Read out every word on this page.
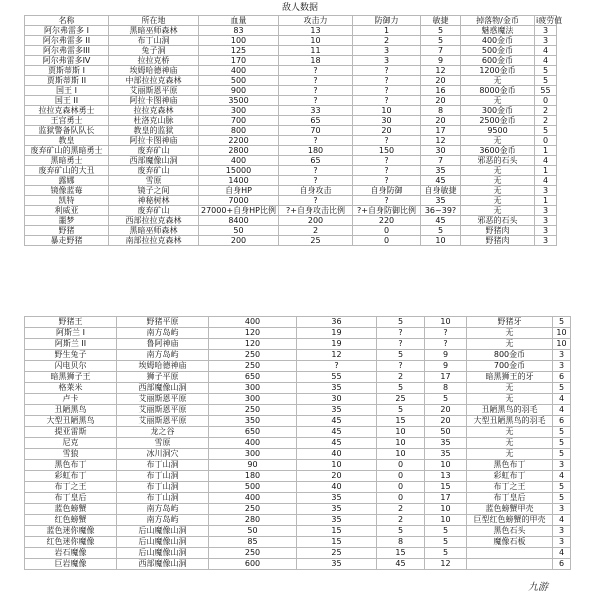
敌人数据
名称	所在地	血量	攻击力	防御力	敏捷	掉落物/金币	i疲劳值
阿尔弗雷多 I	黑暗巫师森林	83	13	1	5	魅惑魔法	3
阿尔弗雷多 II	布丁山洞	100	10	2	5	400金币	3
阿尔弗雷多III	兔子洞	125	11	3	7	500金币	4
阿尔弗雷多IV	拉拉克桥	170	18	3	9	600金币	4
贾斯蒂斯 I	埃姆哈德神庙	400	?	?	12	1200金币	5
贾斯蒂斯 II	中部拉拉克森林	500	?	?	20	无	5
国王 I	艾丽斯恩平原	900	?	?	16	8000金币	55
国王 II	阿拉卡图神庙	3500	?	?	20	无	0
拉拉克森林勇士	拉拉克森林	300	33	10	8	300金币	2
王宫勇士	杜洛克山脉	700	65	30	20	2500金币	2
监狱警备队队长	教皇的监狱	800	70	20	17	9500	5
教皇	阿拉卡图神庙	2200	?	?	12	无	0
废弃矿山的黑暗勇士	废弃矿山	2800	180	150	30	3600金币	1
黑暗勇士	西部魔像山洞	400	65	?	7	邪恶的石头	4
废弃矿山的大丑	废弃矿山	15000	?	?	35	无	1
露娜	雪原	1400	?	?	45	无	4
镜像蓝莓	镜子之间	自身HP	自身攻击	自身防御	自身敏捷	无	3
凯特	神秘树林	7000	?	?	35	无	1
利威亚	废弃矿山	27000+自身HP比例	?+自身攻击比例	?+自身防御比例	36~39?	无	3
噩梦	西部拉拉克森林	8400	200	220	45	邪恶的石头	3
野猪	黑暗巫师森林	50	2	0	5	野猪肉	3
暴走野猪	南部拉拉克森林	200	25	0	10	野猪肉	3
野猪王	野猪平原	400	36	5	10	野猪牙	5
阿斯兰 I	南方岛屿	120	19	?	?	无	10
阿斯兰 II	鲁阿神庙	120	19	?	?	无	10
野生兔子	南方岛屿	250	12	5	9	800金币	3
闪电贝尔	埃姆哈德神庙	250	?	?	9	700金币	3
暗黑狮子王	狮子平原	650	55	2	17	暗黑狮王的牙	6
格莱米	西部魔像山洞	300	35	5	8	无	5
卢卡	艾丽斯恩平原	300	30	25	5	无	4
丑陋黑鸟	艾丽斯恩平原	250	35	5	20	丑陋黑鸟的羽毛	4
大型丑陋黑鸟	艾丽斯恩平原	350	45	15	20	大型丑陋黑鸟的羽毛	6
提亚雷斯	龙之谷	650	45	10	50	无	5
尼克	雪原	400	45	10	35	无	5
雪狼	冰川洞穴	300	40	10	35	无	5
黑色布丁	布丁山洞	90	10	0	10	黑色布丁	3
彩虹布丁	布丁山洞	180	20	0	13	彩虹布丁	4
布丁之王	布丁山洞	500	40	0	15	布丁之王	5
布丁皇后	布丁山洞	400	35	0	17	布丁皇后	5
蓝色螃蟹	南方岛屿	250	35	2	10	蓝色螃蟹甲壳	3
红色螃蟹	南方岛屿	280	35	2	10	巨型红色螃蟹的甲壳	4
蓝色迷你魔像	后山魔像山洞	50	15	5	5	黑色石头	3
红色迷你魔像	后山魔像山洞	85	15	8	5	魔像石板	3
岩石魔像	后山魔像山洞	250	25	15	5		4
巨岩魔像	西部魔像山洞	600	35	45	12		6
九游
